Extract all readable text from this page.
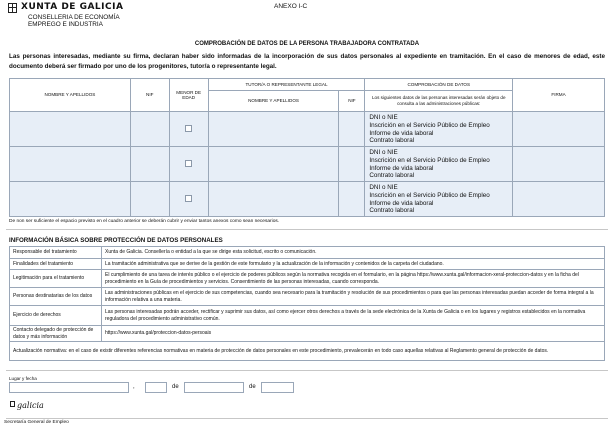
XUNTA DE GALICIA
CONSELLERIA DE ECONOMÍA
EMPREGO E INDUSTRIA
ANEXO I-C
COMPROBACIÓN DE DATOS DE LA PERSONA TRABAJADORA CONTRATADA
Las personas interesadas, mediante su firma, declaran haber sido informadas de la incorporación de sus datos personales al expediente en tramitación. En el caso de menores de edad, este documento deberá ser firmado por uno de los progenitores, tutor/a o representante legal.
NOMBRE Y APELLIDOS	NIF	MENOR DE EDAD	TUTOR/A O REPRESENTANTE LEGAL		COMPROBACIÓN DE DATOS	FIRMA
			NOMBRE Y APELLIDOS	NIF	Los siguientes datos de las personas interesadas serán objeto de consulta a las administraciones públicas:	

					DNI o NIE
Inscrición en el Servicio Público de Empleo
Informe de vida laboral
Contrato laboral	

					DNI o NIE
Inscrición en el Servicio Público de Empleo
Informe de vida laboral
Contrato laboral	

					DNI o NIE
Inscrición en el Servicio Público de Empleo
Informe de vida laboral
Contrato laboral	

De non ser suficiente el espacio previsto en el cuadro anterior se deberán cubrir y enviar tantos anexos como sean necesarios.
INFORMACIÓN BÁSICA SOBRE PROTECCIÓN DE DATOS PERSONALES
Responsable del tratamiento	Xunta de Galicia. Consellería o entidad a la que se dirige esta solicitud, escrito o comunicación.
Finalidades del tratamiento	La tramitación administrativa que se derive de la gestión de este formulario y la actualización de la información y contenidos de la carpeta del ciudadano.
Legitimación para el tratamiento	El cumplimiento de una tarea de interés público o el ejercicio de poderes públicos según la normativa recogida en el formulario, en la página https://www.xunta.gal/informacion-xeral-proteccion-datos y en la ficha del procedimiento en la Guía de procedimientos y servicios. Consentimiento de las personas interesadas, cuando corresponda.
Personas destinatarias de los datos	Las administraciones públicas en el ejercicio de sus competencias, cuando sea necesario para la tramitación y resolución de sus procedimientos o para que las personas interesadas puedan acceder de forma integral a la información relativa a una materia.
Ejercicio de derechos	Las personas interesadas podrán acceder, rectificar y suprimir sus datos, así como ejercer otros derechos a través de la sede electrónica de la Xunta de Galicia o en los lugares y registros establecidos en la normativa reguladora del procedimiento administrativo común.
Contacto delegado de protección de datos y más información	https://www.xunta.gal/proteccion-datos-persoais
Actualización normativa: en el caso de existir diferentes referencias normativas en materia de protección de datos personales en este procedimiento, prevalecerán en todo caso aquellas relativas al Reglamento general de protección de datos.	
Lugar y fecha
,	de	de
galicia
Secretaría General de Empleo
